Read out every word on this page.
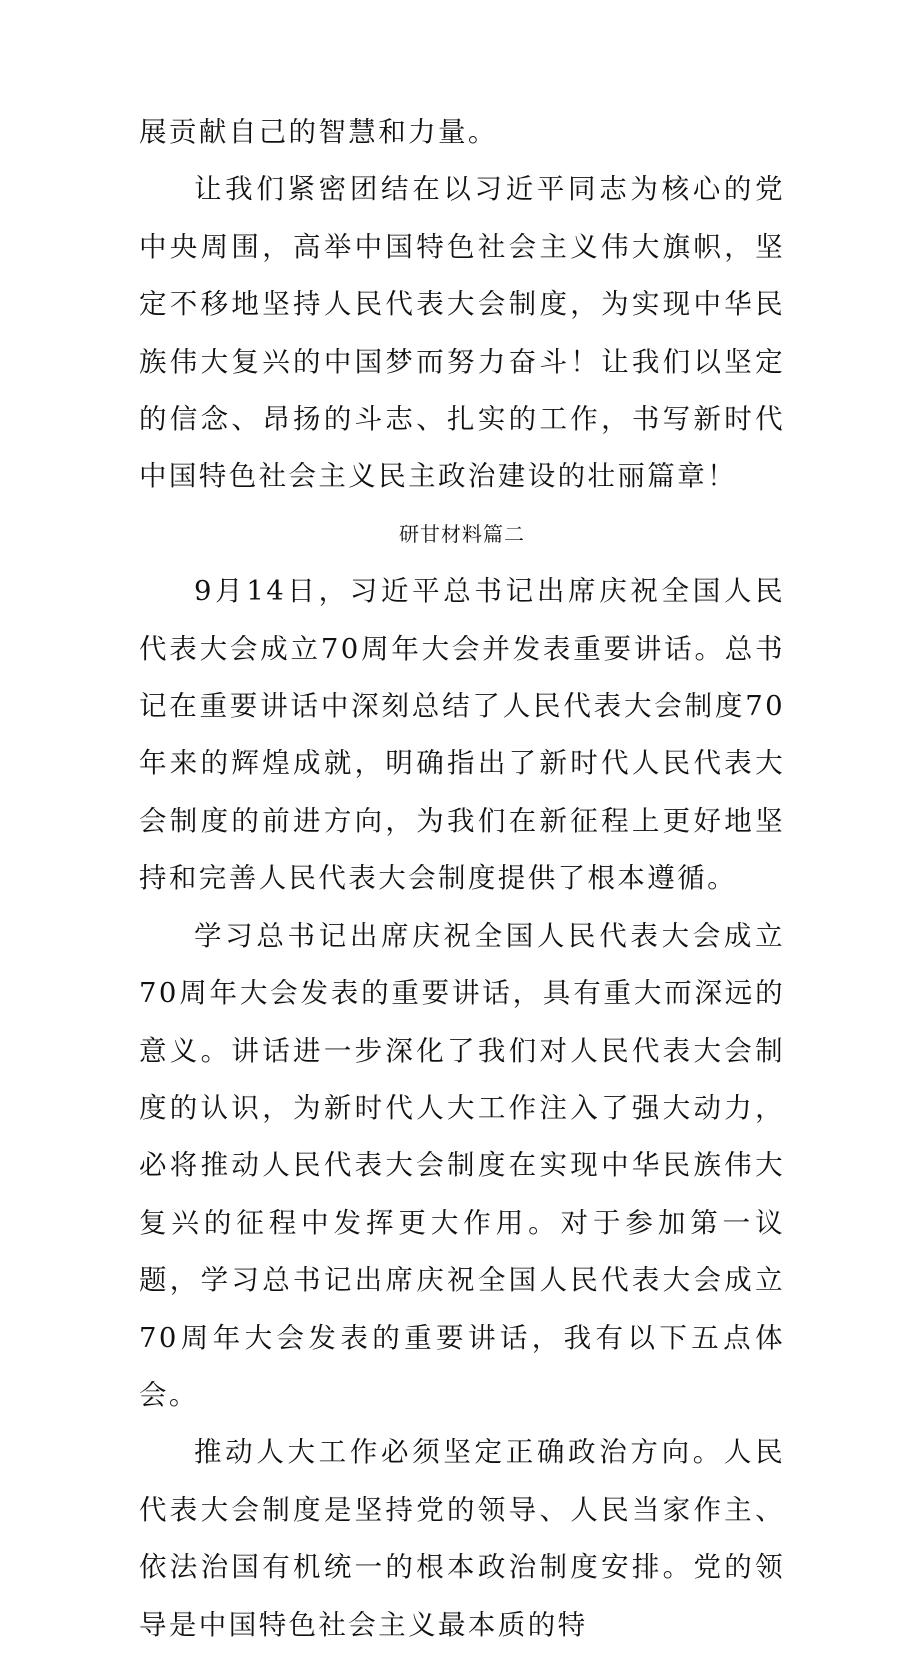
展贡献自己的智慧和力量。

让我们紧密团结在以习近平同志为核心的党中央周围，高举中国特色社会主义伟大旗帜，坚定不移地坚持人民代表大会制度，为实现中华民族伟大复兴的中国梦而努力奋斗！让我们以坚定的信念、昂扬的斗志、扎实的工作，书写新时代中国特色社会主义民主政治建设的壮丽篇章！

研甘材料篇二

9月14日，习近平总书记出席庆祝全国人民代表大会成立70周年大会并发表重要讲话。总书记在重要讲话中深刻总结了人民代表大会制度70年来的辉煌成就，明确指出了新时代人民代表大会制度的前进方向，为我们在新征程上更好地坚持和完善人民代表大会制度提供了根本遵循。

学习总书记出席庆祝全国人民代表大会成立70周年大会发表的重要讲话，具有重大而深远的意义。讲话进一步深化了我们对人民代表大会制度的认识，为新时代人大工作注入了强大动力，必将推动人民代表大会制度在实现中华民族伟大复兴的征程中发挥更大作用。对于参加第一议题，学习总书记出席庆祝全国人民代表大会成立70周年大会发表的重要讲话，我有以下五点体会。

推动人大工作必须坚定正确政治方向。人民代表大会制度是坚持党的领导、人民当家作主、依法治国有机统一的根本政治制度安排。党的领导是中国特色社会主义最本质的特
